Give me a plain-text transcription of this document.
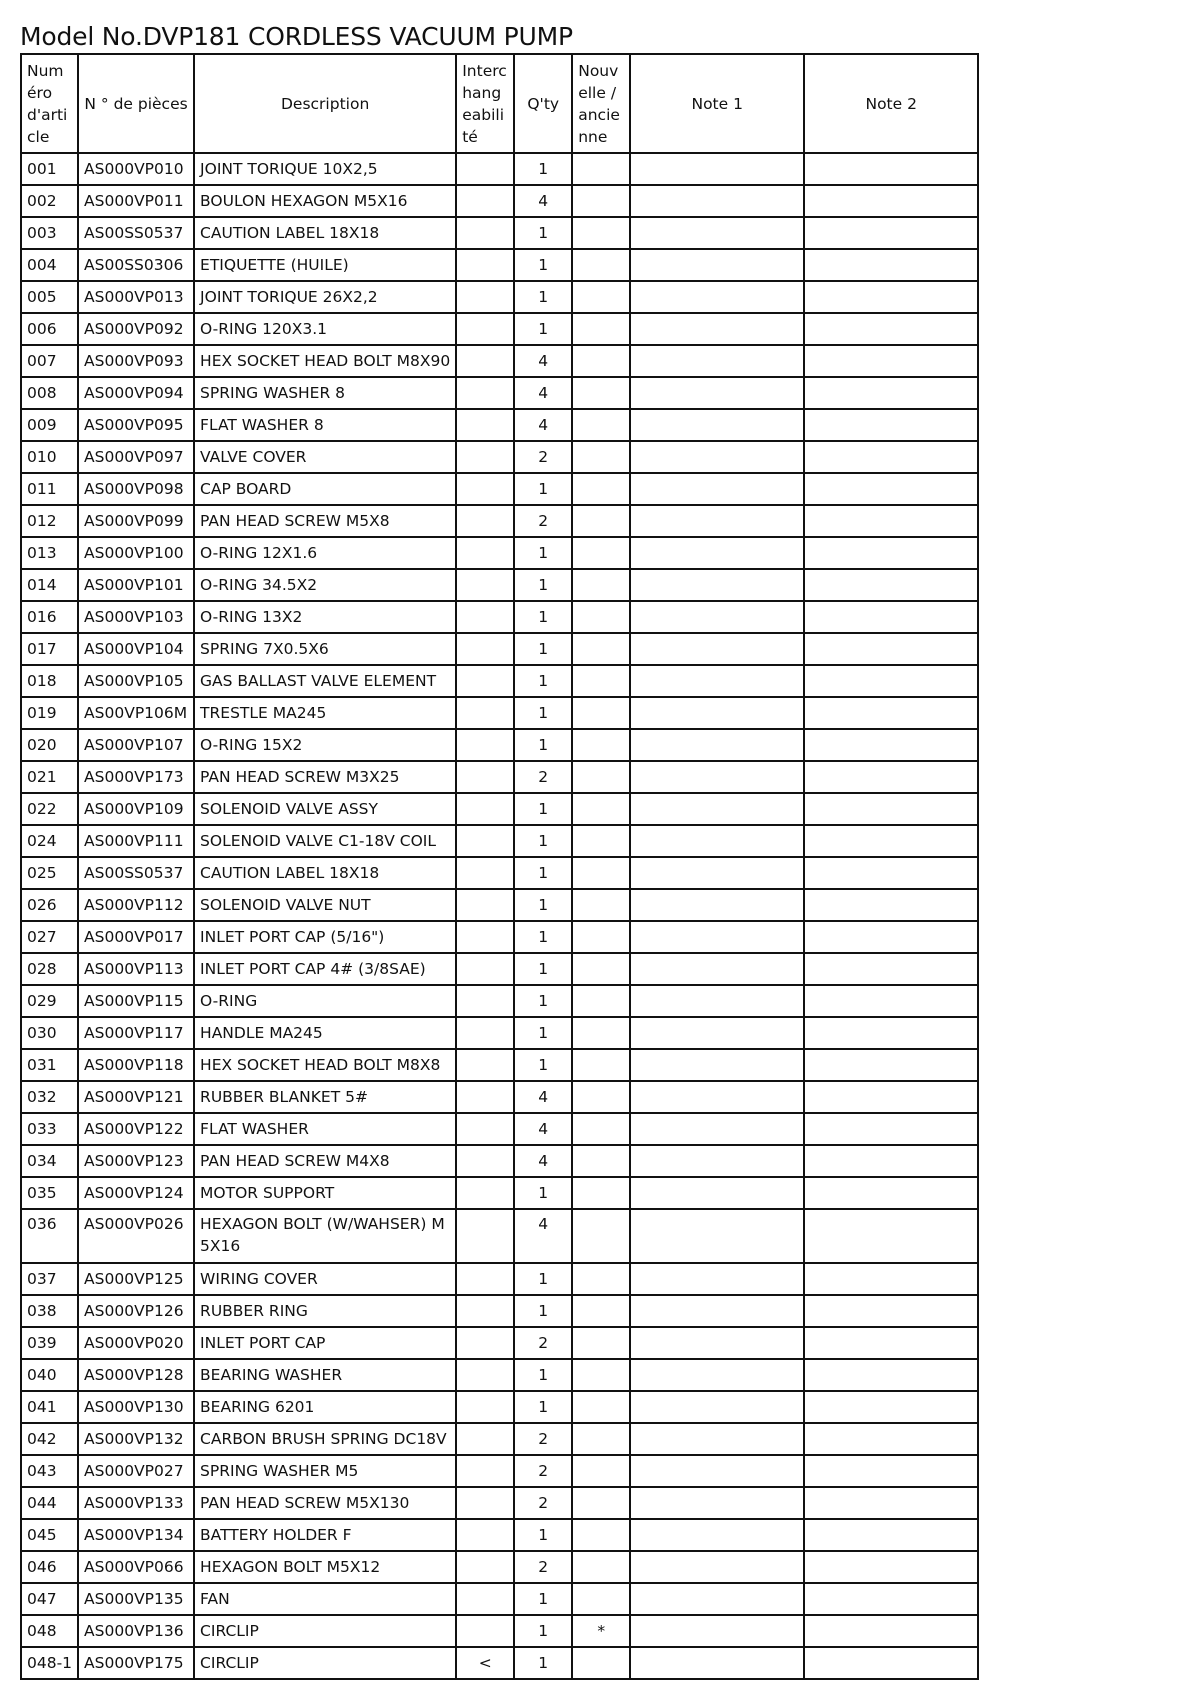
Model No.DVP181 CORDLESS VACUUM PUMP
Numéro d'article	N ° de pièces	Description	Interchangeabilité	Q'ty	Nouvelle / ancienne	Note 1	Note 2
001	AS000VP010	JOINT TORIQUE 10X2,5		1			
002	AS000VP011	BOULON HEXAGON M5X16		4			
003	AS00SS0537	CAUTION LABEL 18X18		1			
004	AS00SS0306	ETIQUETTE (HUILE)		1			
005	AS000VP013	JOINT TORIQUE 26X2,2		1			
006	AS000VP092	O-RING 120X3.1		1			
007	AS000VP093	HEX SOCKET HEAD BOLT M8X90		4			
008	AS000VP094	SPRING WASHER 8		4			
009	AS000VP095	FLAT WASHER 8		4			
010	AS000VP097	VALVE COVER		2			
011	AS000VP098	CAP BOARD		1			
012	AS000VP099	PAN HEAD SCREW M5X8		2			
013	AS000VP100	O-RING 12X1.6		1			
014	AS000VP101	O-RING 34.5X2		1			
016	AS000VP103	O-RING 13X2		1			
017	AS000VP104	SPRING 7X0.5X6		1			
018	AS000VP105	GAS BALLAST VALVE ELEMENT		1			
019	AS00VP106M	TRESTLE MA245		1			
020	AS000VP107	O-RING 15X2		1			
021	AS000VP173	PAN HEAD SCREW M3X25		2			
022	AS000VP109	SOLENOID VALVE ASSY		1			
024	AS000VP111	SOLENOID VALVE C1-18V COIL		1			
025	AS00SS0537	CAUTION LABEL 18X18		1			
026	AS000VP112	SOLENOID VALVE NUT		1			
027	AS000VP017	INLET PORT CAP (5/16")		1			
028	AS000VP113	INLET PORT CAP 4# (3/8SAE)		1			
029	AS000VP115	O-RING		1			
030	AS000VP117	HANDLE MA245		1			
031	AS000VP118	HEX SOCKET HEAD BOLT M8X8		1			
032	AS000VP121	RUBBER BLANKET 5#		4			
033	AS000VP122	FLAT WASHER		4			
034	AS000VP123	PAN HEAD SCREW M4X8		4			
035	AS000VP124	MOTOR SUPPORT		1			
036	AS000VP026	HEXAGON BOLT (W/WAHSER) M5X16		4			
037	AS000VP125	WIRING COVER		1			
038	AS000VP126	RUBBER RING		1			
039	AS000VP020	INLET PORT CAP		2			
040	AS000VP128	BEARING WASHER		1			
041	AS000VP130	BEARING 6201		1			
042	AS000VP132	CARBON BRUSH SPRING DC18V		2			
043	AS000VP027	SPRING WASHER M5		2			
044	AS000VP133	PAN HEAD SCREW M5X130		2			
045	AS000VP134	BATTERY HOLDER F		1			
046	AS000VP066	HEXAGON BOLT M5X12		2			
047	AS000VP135	FAN		1			
048	AS000VP136	CIRCLIP		1	*		
048-1	AS000VP175	CIRCLIP	<	1			
